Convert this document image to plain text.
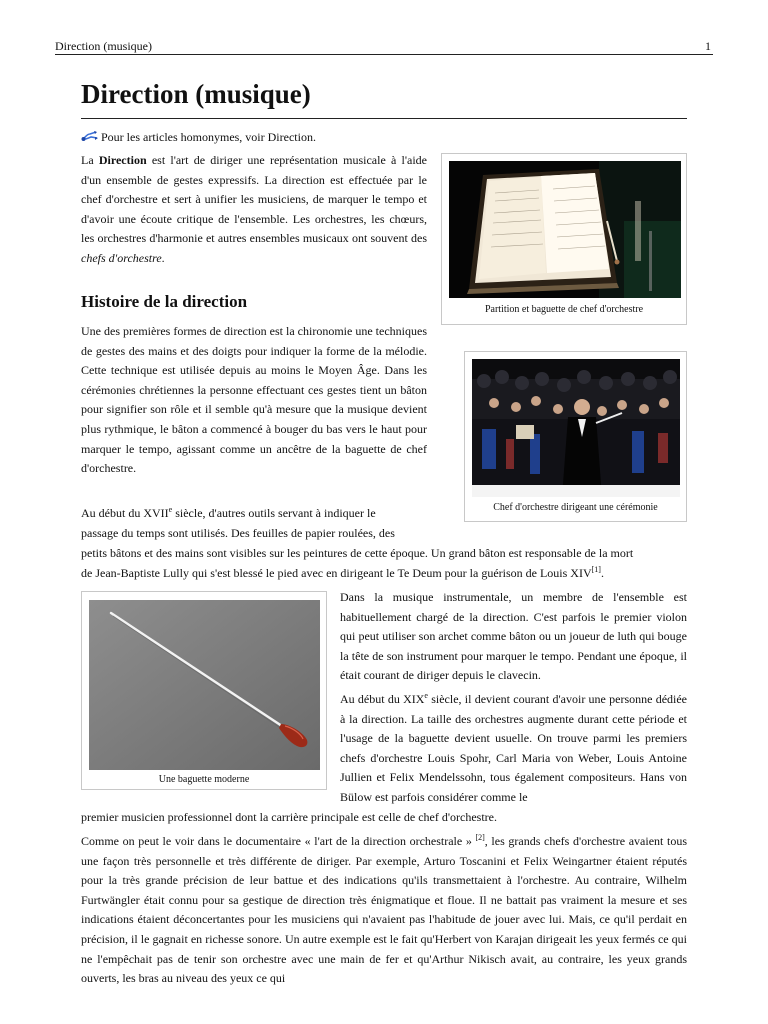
Direction (musique)	1
Direction (musique)
Pour les articles homonymes, voir Direction.

La Direction est l'art de diriger une représentation musicale à l'aide d'un ensemble de gestes expressifs. La direction est effectuée par le chef d'orchestre et sert à unifier les musiciens, de marquer le tempo et d'avoir une écoute critique de l'ensemble. Les orchestres, les chœurs, les orchestres d'harmonie et autres ensembles musicaux ont souvent des chefs d'orchestre.

Partition et baguette de chef d'orchestre
Histoire de la direction

Une des premières formes de direction est la chironomie une techniques de gestes des mains et des doigts pour indiquer la forme de la mélodie. Cette technique est utilisée depuis au moins le Moyen Âge. Dans les cérémonies chrétiennes la personne effectuant ces gestes tient un bâton pour signifier son rôle et il semble qu'à mesure que la musique devient plus rythmique, le bâton a commencé à bouger du bas vers le haut pour marquer le tempo, agissant comme un ancêtre de la baguette de chef d'orchestre.

Chef d'orchestre dirigeant une cérémonie
Au début du XVIIe siècle, d'autres outils servant à indiquer le
passage du temps sont utilisés. Des feuilles de papier roulées, des
petits bâtons et des mains sont visibles sur les peintures de cette époque. Un grand bâton est responsable de la mort
de Jean-Baptiste Lully qui s'est blessé le pied avec en dirigeant le Te Deum pour la guérison de Louis XIV[1].
Une baguette moderne

Dans la musique instrumentale, un membre de l'ensemble est habituellement chargé de la direction. C'est parfois le premier violon qui peut utiliser son archet comme bâton ou un joueur de luth qui bouge la tête de son instrument pour marquer le tempo. Pendant une époque, il était courant de diriger depuis le clavecin.

Au début du XIXe siècle, il devient courant d'avoir une personne dédiée à la direction. La taille des orchestres augmente durant cette période et l'usage de la baguette devient usuelle. On trouve parmi les premiers chefs d'orchestre Louis Spohr, Carl Maria von Weber, Louis Antoine Jullien et Felix Mendelssohn, tous également compositeurs. Hans von Bülow est parfois considérer comme le

premier musicien professionnel dont la carrière principale est celle de chef d'orchestre.

Comme on peut le voir dans le documentaire « l'art de la direction orchestrale » [2], les grands chefs d'orchestre avaient tous une façon très personnelle et très différente de diriger. Par exemple, Arturo Toscanini et Felix Weingartner étaient réputés pour la très grande précision de leur battue et des indications qu'ils transmettaient à l'orchestre. Au contraire, Wilhelm Furtwängler était connu pour sa gestique de direction très énigmatique et floue. Il ne battait pas vraiment la mesure et ses indications étaient déconcertantes pour les musiciens qui n'avaient pas l'habitude de jouer avec lui. Mais, ce qu'il perdait en précision, il le gagnait en richesse sonore. Un autre exemple est le fait qu'Herbert von Karajan dirigeait les yeux fermés ce qui ne l'empêchait pas de tenir son orchestre avec une main de fer et qu'Arthur Nikisch avait, au contraire, les yeux grands ouverts, les bras au niveau des yeux ce qui
